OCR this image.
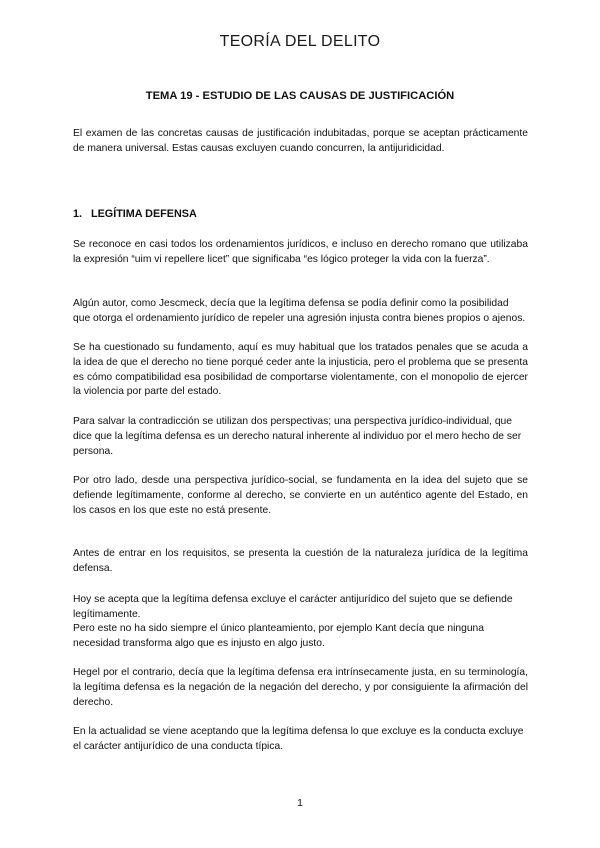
TEORÍA DEL DELITO
TEMA 19 - ESTUDIO DE LAS CAUSAS DE JUSTIFICACIÓN

El examen de las concretas causas de justificación indubitadas, porque se aceptan prácticamente de manera universal. Estas causas excluyen cuando concurren, la antijuridicidad.

1. LEGÍTIMA DEFENSA

Se reconoce en casi todos los ordenamientos jurídicos, e incluso en derecho romano que utilizaba la expresión “uim vi repellere licet” que significaba “es lógico proteger la vida con la fuerza”.

Algún autor, como Jescmeck, decía que la legítima defensa se podía definir como la posibilidad que otorga el ordenamiento jurídico de repeler una agresión injusta contra bienes propios o ajenos.

Se ha cuestionado su fundamento, aquí es muy habitual que los tratados penales que se acuda a la idea de que el derecho no tiene porqué ceder ante la injusticia, pero el problema que se presenta es cómo compatibilidad esa posibilidad de comportarse violentamente, con el monopolio de ejercer la violencia por parte del estado.

Para salvar la contradicción se utilizan dos perspectivas; una perspectiva jurídico-individual, que dice que la legítima defensa es un derecho natural inherente al individuo por el mero hecho de ser persona.

Por otro lado, desde una perspectiva jurídico-social, se fundamenta en la idea del sujeto que se defiende legítimamente, conforme al derecho, se convierte en un auténtico agente del Estado, en los casos en los que este no está presente.

Antes de entrar en los requisitos, se presenta la cuestión de la naturaleza jurídica de la legítima defensa.

Hoy se acepta que la legítima defensa excluye el carácter antijurídico del sujeto que se defiende legítimamente.

Pero este no ha sido siempre el único planteamiento, por ejemplo Kant decía que ninguna necesidad transforma algo que es injusto en algo justo.

Hegel por el contrario, decía que la legítima defensa era intrínsecamente justa, en su terminología, la legítima defensa es la negación de la negación del derecho, y por consiguiente la afirmación del derecho.

En la actualidad se viene aceptando que la legítima defensa lo que excluye es la conducta excluye el carácter antijurídico de una conducta típica.

1
